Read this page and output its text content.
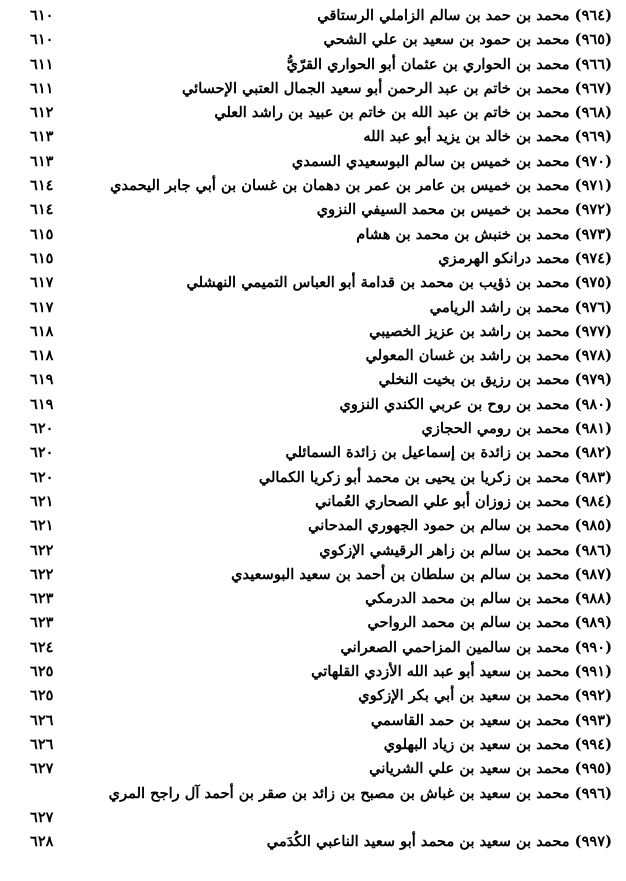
(٩٦٤) محمد بن حمد بن سالم الزاملي الرستاقي
٦١٠
(٩٦٥) محمد بن حمود بن سعيد بن علي الشحي
٦١٠
(٩٦٦) محمد بن الحواري بن عثمان أبو الحواري القرّيُّ
٦١١
(٩٦٧) محمد بن خاتم بن عبد الرحمن أبو سعيد الجمال العتبي الإحسائي
٦١١
(٩٦٨) محمد بن خاتم بن عبد الله بن خاتم بن عبيد بن راشد العلي
٦١٢
(٩٦٩) محمد بن خالد بن يزيد أبو عبد الله
٦١٣
(٩٧٠) محمد بن خميس بن سالم البوسعيدي السمدي
٦١٣
(٩٧١) محمد بن خميس بن عامر بن عمر بن دهمان بن غسان بن أبي جابر اليحمدي
٦١٤
(٩٧٢) محمد بن خميس بن محمد السيفي النزوي
٦١٤
(٩٧٣) محمد بن خنبش بن محمد بن هشام
٦١٥
(٩٧٤) محمد درانكو الهرمزي
٦١٥
(٩٧٥) محمد بن ذؤيب بن محمد بن قدامة أبو العباس التميمي النهشلي
٦١٧
(٩٧٦) محمد بن راشد الريامي
٦١٧
(٩٧٧) محمد بن راشد بن عزيز الخصيبي
٦١٨
(٩٧٨) محمد بن راشد بن غسان المعولي
٦١٨
(٩٧٩) محمد بن رزيق بن بخيت النخلي
٦١٩
(٩٨٠) محمد بن روح بن عربي الكندي النزوي
٦١٩
(٩٨١) محمد بن رومي الحجازي
٦٢٠
(٩٨٢) محمد بن زائدة بن إسماعيل بن زائدة السمائلي
٦٢٠
(٩٨٣) محمد بن زكريا بن يحيى بن محمد أبو زكريا الكمالي
٦٢٠
(٩٨٤) محمد بن زوزان أبو علي الصحاري العُماني
٦٢١
(٩٨٥) محمد بن سالم بن حمود الجهوري المدحاني
٦٢١
(٩٨٦) محمد بن سالم بن زاهر الرقيشي الإزكوي
٦٢٢
(٩٨٧) محمد بن سالم بن سلطان بن أحمد بن سعيد البوسعيدي
٦٢٢
(٩٨٨) محمد بن سالم بن محمد الدرمكي
٦٢٣
(٩٨٩) محمد بن سالم بن محمد الرواحي
٦٢٣
(٩٩٠) محمد بن سالمين المزاحمي الصعراني
٦٢٤
(٩٩١) محمد بن سعيد أبو عبد الله الأزدي القلهاتي
٦٢٥
(٩٩٢) محمد بن سعيد بن أبي بكر الإزكوي
٦٢٥
(٩٩٣) محمد بن سعيد بن حمد القاسمي
٦٢٦
(٩٩٤) محمد بن سعيد بن زياد البهلوي
٦٢٦
(٩٩٥) محمد بن سعيد بن علي الشرياني
٦٢٧
(٩٩٦) محمد بن سعيد بن غباش بن مصبح بن زائد بن صقر بن أحمد آل راجح المري
٦٢٧
(٩٩٧) محمد بن سعيد بن محمد أبو سعيد الناعبي الكُدَمي
٦٢٨
